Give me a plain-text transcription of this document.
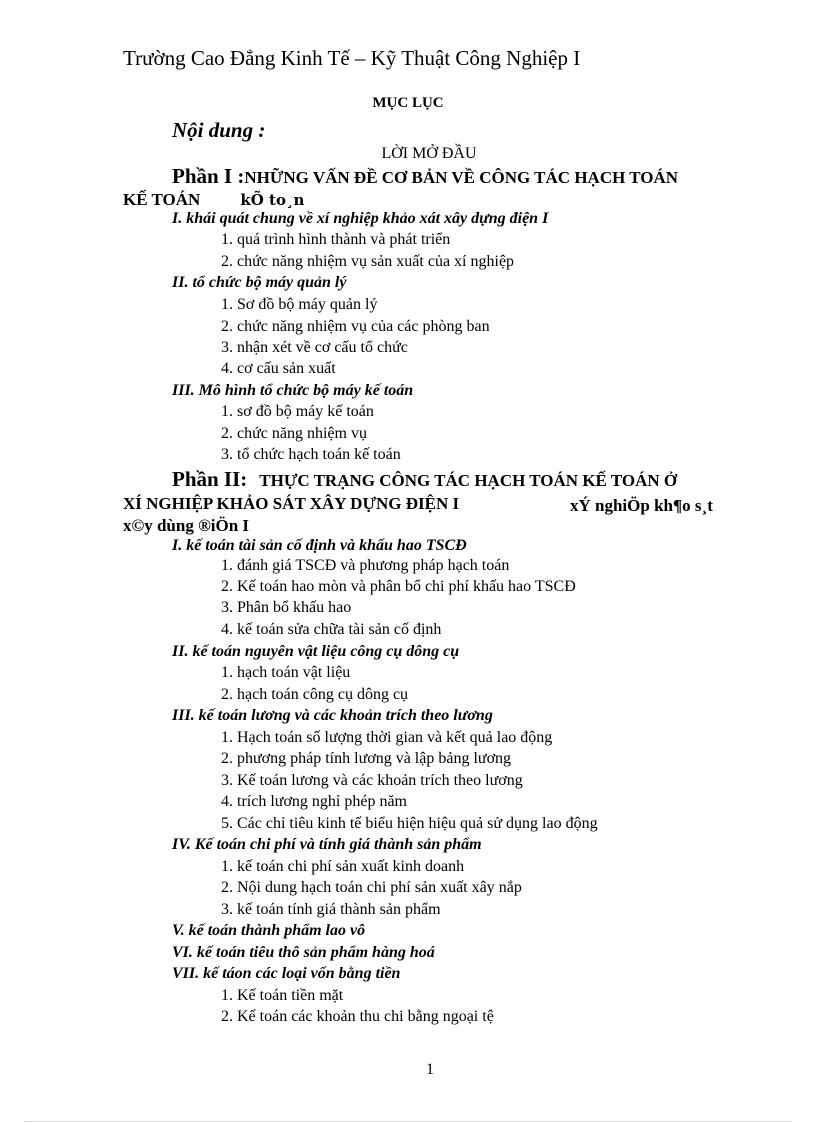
Trường Cao Đẳng Kinh Tế – Kỹ Thuật Công Nghiệp I
MỤC LỤC
Nội dung :
LỜI MỞ ĐẦU
Phần I :NHỮNG VẤN ĐỀ CƠ BẢN VỀ CÔNG TÁC HẠCH TOÁN
KẾ TOÁN	kÕ to¸n
I. khái quát chung về xí nghiệp khảo xát xây dựng điện I
1. quá trình hình thành và phát triển
2. chức năng nhiệm vụ sản xuất của xí nghiệp
II. tổ chức bộ máy quản lý
1. Sơ đồ bộ máy quản lý
2. chức năng nhiệm vụ của các phòng ban
3. nhận xét về cơ cấu tổ chức
4. cơ cấu sản xuất
III. Mô hình tổ chức bộ máy kế toán
1. sơ đồ bộ máy kế toán
2. chức năng nhiệm vụ
3. tổ chức hạch toán kế toán
Phần II: THỰC TRẠNG CÔNG TÁC HẠCH TOÁN KẾ TOÁN Ở
XÍ NGHIỆP KHẢO SÁT XÂY DỰNG ĐIỆN I	xÝ nghiÖp kh¶o s¸t
x©y dùng ®iÖn I
I. kế toán tài sản cố định và khấu hao TSCĐ
1. đánh giá TSCĐ và phương pháp hạch toán
2. Kế toán hao mòn và phân bổ chi phí khấu hao TSCĐ
3. Phân bổ khấu hao
4. kế toán sửa chữa tài sản cố định
II. kế toán nguyên vật liệu công cụ dông cụ
1. hạch toán vật liệu
2. hạch toán công cụ dông cụ
III. kế toán lương và các khoản trích theo lương
1. Hạch toán số lượng thời gian và kết quả lao động
2. phương pháp tính lương và lập bảng lương
3. Kế toán lương và các khoản trích theo lương
4. trích lương nghỉ phép năm
5. Các chỉ tiêu kinh tế biểu hiện hiệu quả sử dụng lao động
IV. Kế toán chi phí và tính giá thành sản phẩm
1. kế toán chi phí sản xuất kinh doanh
2. Nội dung hạch toán chi phí sản xuất xây nắp
3. kế toán tính giá thành sản phẩm
V. kế toán thành phẩm lao vô
VI. kế toán tiêu thô sản phẩm hàng hoá
VII. kế táon các loại vốn bằng tiền
1. Kế toán tiền mặt
2. Kế toán các khoản thu chi bằng ngoại tệ
1
